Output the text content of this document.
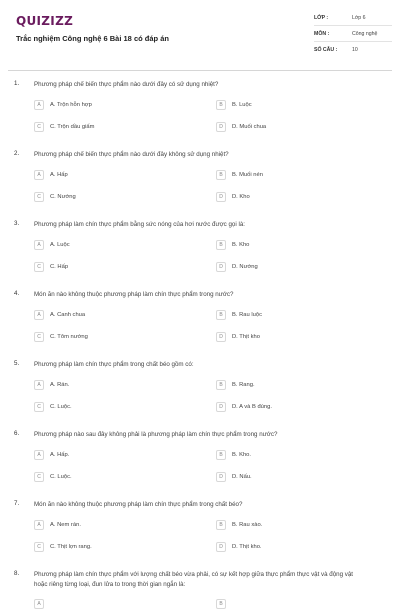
QUIZIZZ
Trắc nghiệm Công nghệ 6 Bài 18 có đáp án
LỚP :	Lớp 6
MÔN :	Công nghệ
SỐ CÂU :	10
1. Phương pháp chế biến thực phẩm nào dưới đây có sử dụng nhiệt?
A	A. Trộn hỗn hợp	B	B. Luộc
C	C. Trộn dầu giấm	D	D. Muối chua
2. Phương pháp chế biến thực phẩm nào dưới đây không sử dụng nhiệt?
A	A. Hấp	B	B. Muối nén
C	C. Nướng	D	D. Kho
3. Phương pháp làm chín thực phẩm bằng sức nóng của hơi nước được gọi là:
A	A. Luộc	B	B. Kho
C	C. Hấp	D	D. Nướng
4. Món ăn nào không thuộc phương pháp làm chín thực phẩm trong nước?
A	A. Canh chua	B	B. Rau luộc
C	C. Tôm nướng	D	D. Thịt kho
5. Phương pháp làm chín thực phẩm trong chất béo gồm có:
A	A. Rán.	B	B. Rang.
C	C. Luộc.	D	D. A và B đúng.
6. Phương pháp nào sau đây không phải là phương pháp làm chín thực phẩm trong nước?
A	A. Hấp.	B	B. Kho.
C	C. Luộc.	D	D. Nấu.
7. Món ăn nào không thuộc phương pháp làm chín thực phẩm trong chất béo?
A	A. Nem rán.	B	B. Rau xào.
C	C. Thịt lợn rang.	D	D. Thịt kho.
8. Phương pháp làm chín thực phẩm với lượng chất béo vừa phải, có sự kết hợp giữa thực phẩm thực vật và động vật hoặc riêng từng loại, đun lửa to trong thời gian ngắn là:
A	B
